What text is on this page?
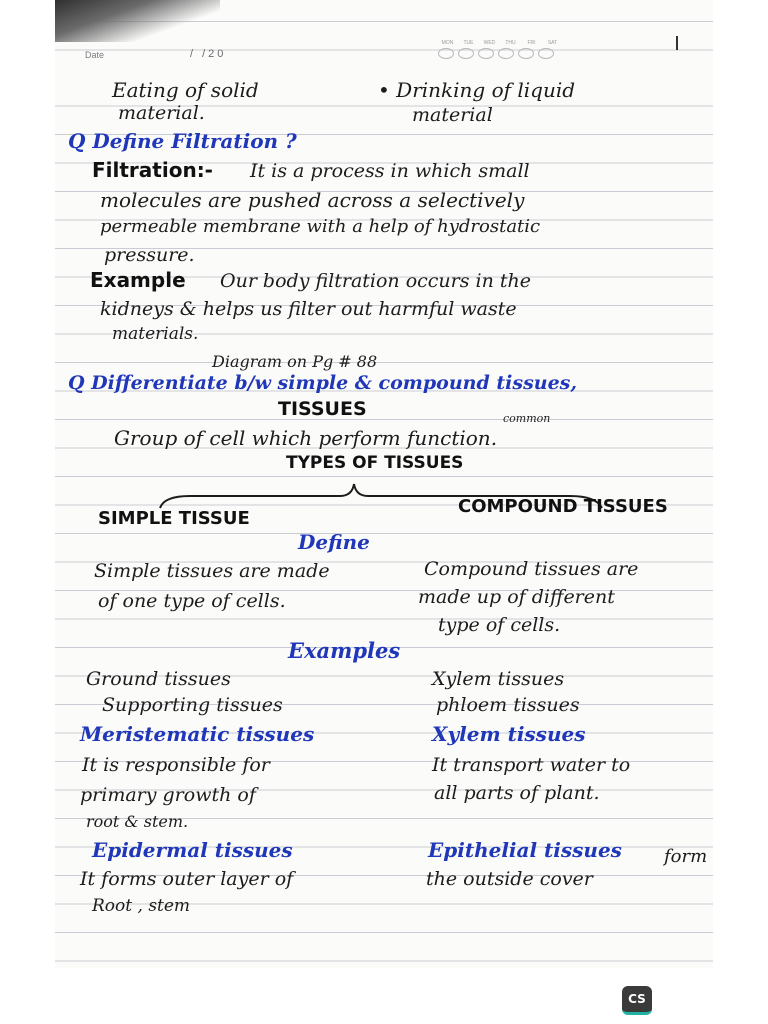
Date	/ /20
MON	TUE	WED	THU	FRI	SAT
Eating of solid
material.
• Drinking of liquid
material
Q Define Filtration ?
Filtration:- It is a process in which small
molecules are pushed across a selectively
permeable membrane with a help of hydrostatic
pressure.
Example Our body filtration occurs in the
kidneys & helps us filter out harmful waste
materials.
Diagram on Pg # 88
Q Differentiate b/w simple & compound tissues,
TISSUES	common
Group of cell which perform function.
TYPES OF TISSUES
SIMPLE TISSUE
COMPOUND TISSUES
Define
Simple tissues are made
of one type of cells.
Compound tissues are
made up of different
type of cells.
Examples
Ground tissues
Supporting tissues
Xylem tissues
phloem tissues
Meristematic tissues	Xylem tissues
It is responsible for
primary growth of
root & stem.
It transport water to
all parts of plant.
Epidermal tissues	Epithelial tissues form
It forms outer layer of
Root , stem
the outside cover
CS
